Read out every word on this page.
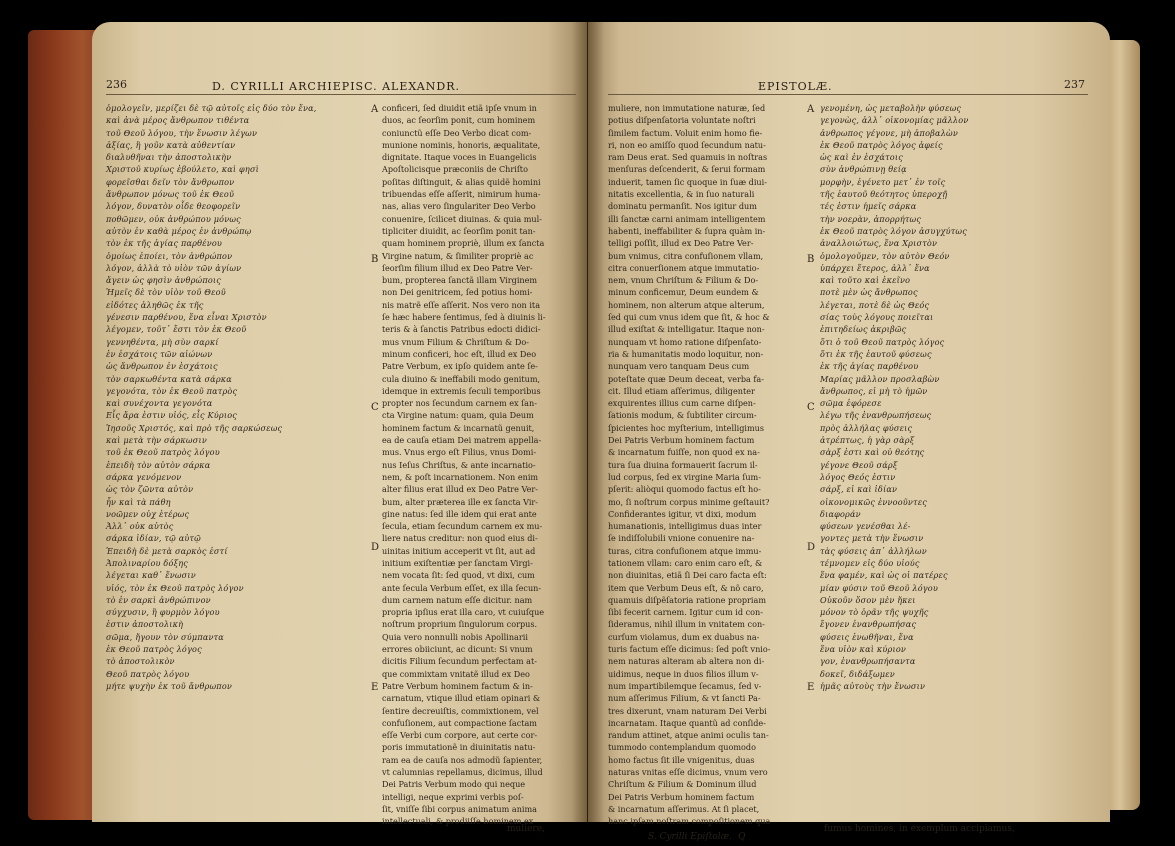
236	D. CYRILLI ARCHIEPISC. ALEXANDR.
ὁμολογεῖν, μερίζει δὲ τῷ αὐτοῖς εἰς δύο τὸν ἕνα,
καὶ ἀνὰ μέρος ἄνθρωπον τιθέντα
τοῦ Θεοῦ λόγου, τὴν ἕνωσιν λέγων
ἀξίας, ἢ γοῦν κατὰ αὐθεντίαν
διαλυθῆναι τὴν ἀποστολικὴν
Χριστοῦ κυρίως ἐβούλετο, καὶ φησὶ
φορεῖσθαι δεῖν τὸν ἄνθρωπον
ἄνθρωπον μόνως τοῦ ἐκ Θεοῦ
λόγον, δυνατὸν οἶδε θεοφορεῖν
ποθῶμεν, οὐκ ἀνθρώπου μόνως
αὐτὸν ἐν καθὰ μέρος ἐν ἀνθρώπῳ
τὸν ἐκ τῆς ἁγίας παρθένου
ὁμοίως ἐποίει, τὸν ἀνθρώπον
λόγον, ἀλλὰ τὸ υἱὸν τῶν ἀγίων
ἄγειν ὡς φησὶν ἀνθρώποις
Ἡμεῖς δὲ τὸν υἱὸν τοῦ Θεοῦ
εἰδότες ἀληθῶς ἐκ τῆς
γένεσιν παρθένου, ἕνα εἶναι Χριστὸν
λέγομεν, τοῦτ᾽ ἔστι τὸν ἐκ Θεοῦ
γεννηθέντα, μὴ σὺν σαρκί
ἐν ἐσχάτοις τῶν αἰώνων
ὡς ἄνθρωπον ἐν ἐσχάτοις
τὸν σαρκωθέντα κατὰ σάρκα
γεγονότα, τὸν ἐκ Θεοῦ πατρὸς
καὶ συνέχοντα γεγονότα
Εἷς ἄρα ἐστιν υἱός, εἷς Κύριος
Ἰησοῦς Χριστός, καὶ πρὸ τῆς σαρκώσεως
καὶ μετὰ τὴν σάρκωσιν
τοῦ ἐκ Θεοῦ πατρὸς λόγου
ἐπειδὴ τὸν αὐτὸν σάρκα
σάρκα γενόμενον
ὡς τὸν ζῶντα αὐτὸν
ἦν καὶ τὰ πάθη
νοῶμεν οὐχ ἑτέρως
Ἀλλ᾽ οὐκ αὐτὸς
σάρκα ἰδίαν, τῷ αὐτῷ
Ἐπειδὴ δὲ μετὰ σαρκὸς ἐστί
Ἀπολιναρίου δόξης
λέγεται καθ᾽ ἕνωσιν
υἱός, τὸν ἐκ Θεοῦ πατρὸς λόγον
τὸ ἐν σαρκὶ ἀνθρώπινον
σύγχυσιν, ἢ φυρμὸν λόγου
ἐστιν ἀποστολικὴ
σῶμα, ἤγουν τὸν σύμπαντα
ἐκ Θεοῦ πατρὸς λόγος
τὸ ἀποστολικὸν
Θεοῦ πατρὸς λόγου
μήτε ψυχὴν ἐκ τοῦ ἄνθρωπον
conficeri, ſed diuidit etiã ipſe vnum in
duos, ac ſeorſim ponit, cum hominem
coniunctũ eſſe Deo Verbo dicat com-
munione nominis, honoris, æqualitate,
dignitate. Itaque voces in Euangelicis
Apoſtolicisque præconiis de Chriſto
poſitas diſtinguit, & alias quidẽ homini
tribuendas eſſe aſſerit, nimirum huma-
nas, alias vero ſingulariter Deo Verbo
conuenire, ſcilicet diuinas. & quia mul-
tipliciter diuidit, ac ſeorſim ponit tan-
quam hominem propriè, illum ex ſancta
Virgine natum, & ſimiliter propriè ac
ſeorſim filium illud ex Deo Patre Ver-
bum, propterea ſanctã illam Virginem
non Dei genitricem, ſed potius homi-
nis matrẽ eſſe aſſerit. Nos vero non ita
ſe hæc habere ſentimus, ſed à diuinis li-
teris & à ſanctis Patribus edocti didici-
mus vnum Filium & Chriſtum & Do-
minum conficeri, hoc eſt, illud ex Deo
Patre Verbum, ex ipſo quidem ante ſe-
cula diuino & ineffabili modo genitum,
idemque in extremis ſeculi temporibus
propter nos ſecundum carnem ex ſan-
cta Virgine natum: quam, quia Deum
hominem factum & incarnatũ genuit,
ea de cauſa etiam Dei matrem appella-
mus. Vnus ergo eſt Filius, vnus Domi-
nus Ieſus Chriſtus, & ante incarnatio-
nem, & poſt incarnationem. Non enim
alter filius erat illud ex Deo Patre Ver-
bum, alter præterea ille ex ſancta Vir-
gine natus: ſed ille idem qui erat ante
ſecula, etiam ſecundum carnem ex mu-
liere natus creditur: non quod eius di-
uinitas initium acceperit vt ſit, aut ad
initium exiſtentiæ per ſanctam Virgi-
nem vocata ſit: ſed quod, vt dixi, cum
ante ſecula Verbum eſſet, ex illa ſecun-
dum carnem natum eſſe dicitur. nam
propria ipſius erat illa caro, vt cuiuſque
noſtrum proprium ſingulorum corpus.
Quia vero nonnulli nobis Apollinarii
errores obiiciunt, ac dicunt: Si vnum
dicitis Filium ſecundum perfectam at-
que commixtam vnitatẽ illud ex Deo
Patre Verbum hominem factum & in-
carnatum, vtique illud etiam opinari &
ſentire decreuiſtis, commixtionem, vel
confuſionem, aut compactione ſactam
eſſe Verbi cum corpore, aut certe cor-
poris immutationẽ in diuinitatis natu-
ram ea de cauſa nos admodũ ſapienter,
vt calumnias repellamus, dicimus, illud
Dei Patris Verbum modo qui neque
intelligi, neque exprimi verbis poſ-
ſit, vniſſe ſibi corpus animatum anima
intellectuali, & prodiiſſe hominem ex
A
B
C
D
E
muliere,
EPISTOLÆ.	237
muliere, non immutatione naturæ, ſed
potius diſpenſatoria voluntate noſtri
ſimilem factum. Voluit enim homo fie-
ri, non eo amiſſo quod ſecundum natu-
ram Deus erat. Sed quamuis in noſtras
menſuras deſcenderit, & ſerui formam
induerit, tamen ſic quoque in ſuæ diui-
nitatis excellentia, & in ſuo naturali
dominatu permanſit. Nos igitur dum
illi ſanctæ carni animam intelligentem
habenti, ineffabiliter & ſupra quàm in-
telligi poſſit, illud ex Deo Patre Ver-
bum vnimus, citra confuſionem vllam,
citra conuerſionem atque immutatio-
nem, vnum Chriſtum & Filium & Do-
minum conficemur, Deum eundem &
hominem, non alterum atque alterum,
ſed qui cum vnus idem que ſit, & hoc &
illud exiſtat & intelligatur. Itaque non-
nunquam vt homo ratione diſpenſato-
ria & humanitatis modo loquitur, non-
nunquam vero tanquam Deus cum
poteſtate quæ Deum deceat, verba fa-
cit. Illud etiam aſſerimus, diligenter
exquirentes illius cum carne diſpen-
ſationis modum, & ſubtiliter circum-
ſpicientes hoc myſterium, intelligimus
Dei Patris Verbum hominem factum
& incarnatum fuiſſe, non quod ex na-
tura ſua diuina formauerit ſacrum il-
lud corpus, ſed ex virgine Maria ſum-
pſerit: aliòqui quomodo factus eſt ho-
mo, ſi noſtrum corpus minime geſtauit?
Confiderantes igitur, vt dixi, modum
humanationis, intelligimus duas inter
ſe indiſſolubili vnione conuenire na-
turas, citra confuſionem atque immu-
tationem vllam: caro enim caro eſt, &
non diuinitas, etiã ſi Dei caro facta eſt:
item que Verbum Deus eſt, & nõ caro,
quamuis diſpẽſatoria ratione propriam
ſibi fecerit carnem. Igitur cum id con-
ſideramus, nihil illum in vnitatem con-
curſum violamus, dum ex duabus na-
turis factum eſſe dicimus: ſed poſt vnio-
nem naturas alteram ab altera non di-
uidimus, neque in duos filios illum v-
num impartibilemque ſecamus, ſed v-
num aſſerimus Filium, & vt ſancti Pa-
tres dixerunt, vnam naturam Dei Verbi
incarnatam. Itaque quantũ ad conſide-
randum attinet, atque animi oculis tan-
tummodo contemplandum quomodo
homo factus ſit ille vnigenitus, duas
naturas vnitas eſſe dicimus, vnum vero
Chriſtum & Filium & Dominum illud
Dei Patris Verbum hominem factum
& incarnatum aſſerimus. At ſi placet,
hanc ipſam noſtram compoſitionem qua
γενομένη, ὡς μεταβολὴν φύσεως
γεγονὼς, ἀλλ᾽ οἰκονομίας μᾶλλον
ἀνθρωπος γέγονε, μὴ ἀποβαλὼν
ἐκ Θεοῦ πατρὸς λόγος ἀφείς
ὡς καὶ ἐν ἐσχάτοις
σὺν ἀνθρώπινῃ θείᾳ
μορφὴν, ἐγένετο μετ᾽ ἐν τοῖς
τῆς ἑαυτοῦ θεότητος ὑπεροχῇ
τές ἐστιν ἡμεῖς σάρκα
τὴν νοερὰν, ἀπορρήτως
ἐκ Θεοῦ πατρὸς λόγον ἀσυγχύτως
ἀναλλοιώτως, ἕνα Χριστὸν
ὁμολογοῦμεν, τὸν αὐτὸν Θεόν
ὑπάρχει ἕτερος, ἀλλ᾽ ἕνα
καὶ τοῦτο καὶ ἐκεῖνο
ποτὲ μὲν ὡς ἄνθρωπος
λέγεται, ποτὲ δὲ ὡς Θεός
σίας τοὺς λόγους ποιεῖται
ἐπιτηδείως ἀκριβῶς
ὅτι ὁ τοῦ Θεοῦ πατρὸς λόγος
ὅτι ἐκ τῆς ἑαυτοῦ φύσεως
ἐκ τῆς ἁγίας παρθένου
Μαρίας μᾶλλον προσλαβὼν
ἄνθρωπος, εἰ μὴ τὸ ἡμῶν
σῶμα ἐφόρεσε
λέγω τῆς ἐνανθρωπήσεως
πρὸς ἀλλήλας φύσεις
ἀτρέπτως, ἡ γὰρ σὰρξ
σὰρξ ἐστι καὶ οὐ θεότης
γέγονε Θεοῦ σάρξ
λόγος Θεός ἐστιν
σάρξ, εἰ καὶ ἰδίαν
οἰκονομικῶς ἐννοοῦντες
διαφοράν
φύσεων γενέσθαι λέ-
γοντες μετὰ τὴν ἕνωσιν
τὰς φύσεις ἀπ᾽ ἀλλήλων
τέμνομεν εἰς δύο υἱούς
ἕνα φαμέν, καὶ ὡς οἱ πατέρες
μίαν φύσιν τοῦ Θεοῦ λόγου
Οὐκοῦν ὅσον μὲν ἥκει
μόνον τὸ ὁρᾶν τῆς ψυχῆς
ἔγονεν ἐνανθρωπήσας
φύσεις ἑνωθῆναι, ἕνα
ἕνα υἱὸν καὶ κύριον
γον, ἐνανθρωπήσαντα
δοκεῖ, διδάξωμεν
ἡμᾶς αὐτοὺς τὴν ἕνωσιν
A
B
C
D
E
S. Cyrilli Epiſtolæ. Q
fumus homines, in exemplum accipiamus,
